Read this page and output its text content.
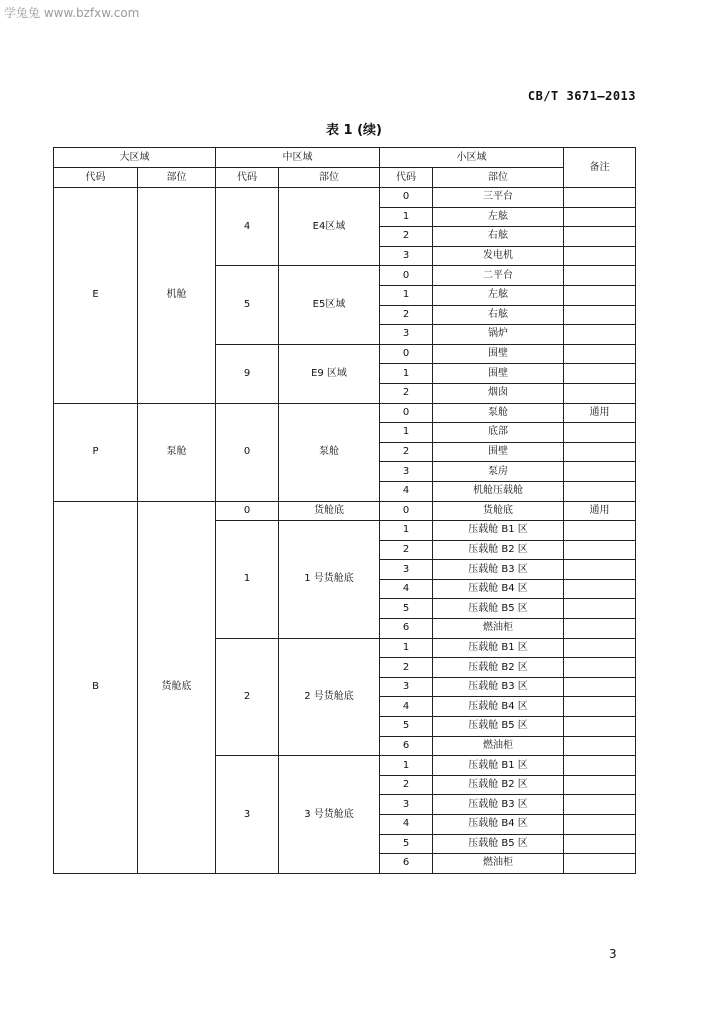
学兔兔 www.bzfxw.com
CB/T 3671—2013
表 1 (续)
大区域		中区域		小区域		备注
代码	部位	代码	部位	代码	部位	
E	机舱	4	E4区域	0	三平台	
				1	左舷	
				2	右舷	
				3	发电机	
		5	E5区域	0	二平台	
				1	左舷	
				2	右舷	
				3	锅炉	
		9	E9 区域	0	围壁	
				1	围壁	
				2	烟囱	
P	泵舱	0	泵舱	0	泵舱	通用
				1	底部	
				2	围壁	
				3	泵房	
				4	机舱压载舱	
B	货舱底	0	货舱底	0	货舱底	通用
		1	1 号货舱底	1	压载舱 B1 区	
				2	压载舱 B2 区	
				3	压载舱 B3 区	
				4	压载舱 B4 区	
				5	压载舱 B5 区	
				6	燃油柜	
		2	2 号货舱底	1	压载舱 B1 区	
				2	压载舱 B2 区	
				3	压载舱 B3 区	
				4	压载舱 B4 区	
				5	压载舱 B5 区	
				6	燃油柜	
		3	3 号货舱底	1	压载舱 B1 区	
				2	压载舱 B2 区	
				3	压载舱 B3 区	
				4	压载舱 B4 区	
				5	压载舱 B5 区	
				6	燃油柜	
3
